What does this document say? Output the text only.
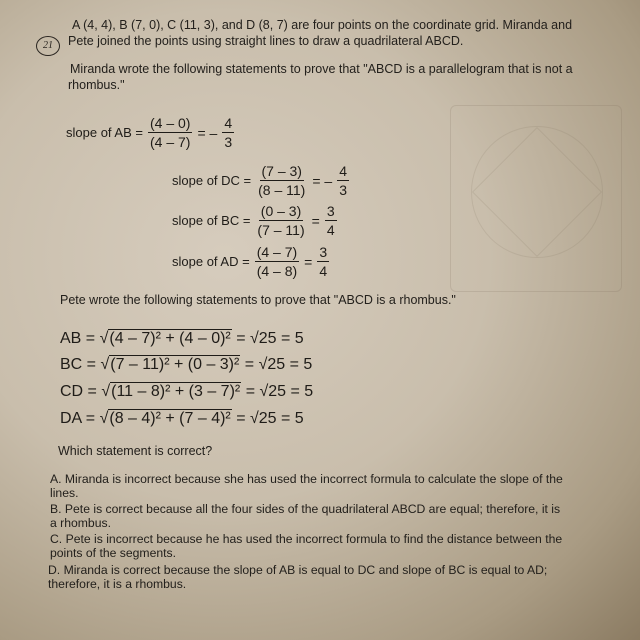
21
A (4, 4), B (7, 0), C (11, 3), and D (8, 7) are four points on the coordinate grid. Miranda and
Pete joined the points using straight lines to draw a quadrilateral ABCD.
Miranda wrote the following statements to prove that "ABCD is a parallelogram that is not a
rhombus."
slope of AB = $\frac{(4 - 0)}{(4 - 7)}$ = – $\frac{4}{3}$
slope of DC = $\frac{(7 - 3)}{(8 - 11)}$ = – $\frac{4}{3}$
slope of BC = $\frac{(0 - 3)}{(7 - 11)} = \frac{3}{4}$
slope of AD = $\frac{(4 - 7)}{(4 - 8)} = \frac{3}{4}$
Pete wrote the following statements to prove that "ABCD is a rhombus."
AB = √(4 – 7)² + (4 – 0)² = √25 = 5
BC = √(7 – 11)² + (0 – 3)² = √25 = 5
CD = √(11 – 8)² + (3 – 7)² = √25 = 5
DA = √(8 – 4)² + (7 – 4)² = √25 = 5
Which statement is correct?
A. Miranda is incorrect because she has used the incorrect formula to calculate the slope of the
lines.
B. Pete is correct because all the four sides of the quadrilateral ABCD are equal; therefore, it is
a rhombus.
C. Pete is incorrect because he has used the incorrect formula to find the distance between the
points of the segments.
D. Miranda is correct because the slope of AB is equal to DC and slope of BC is equal to AD;
therefore, it is a rhombus.
